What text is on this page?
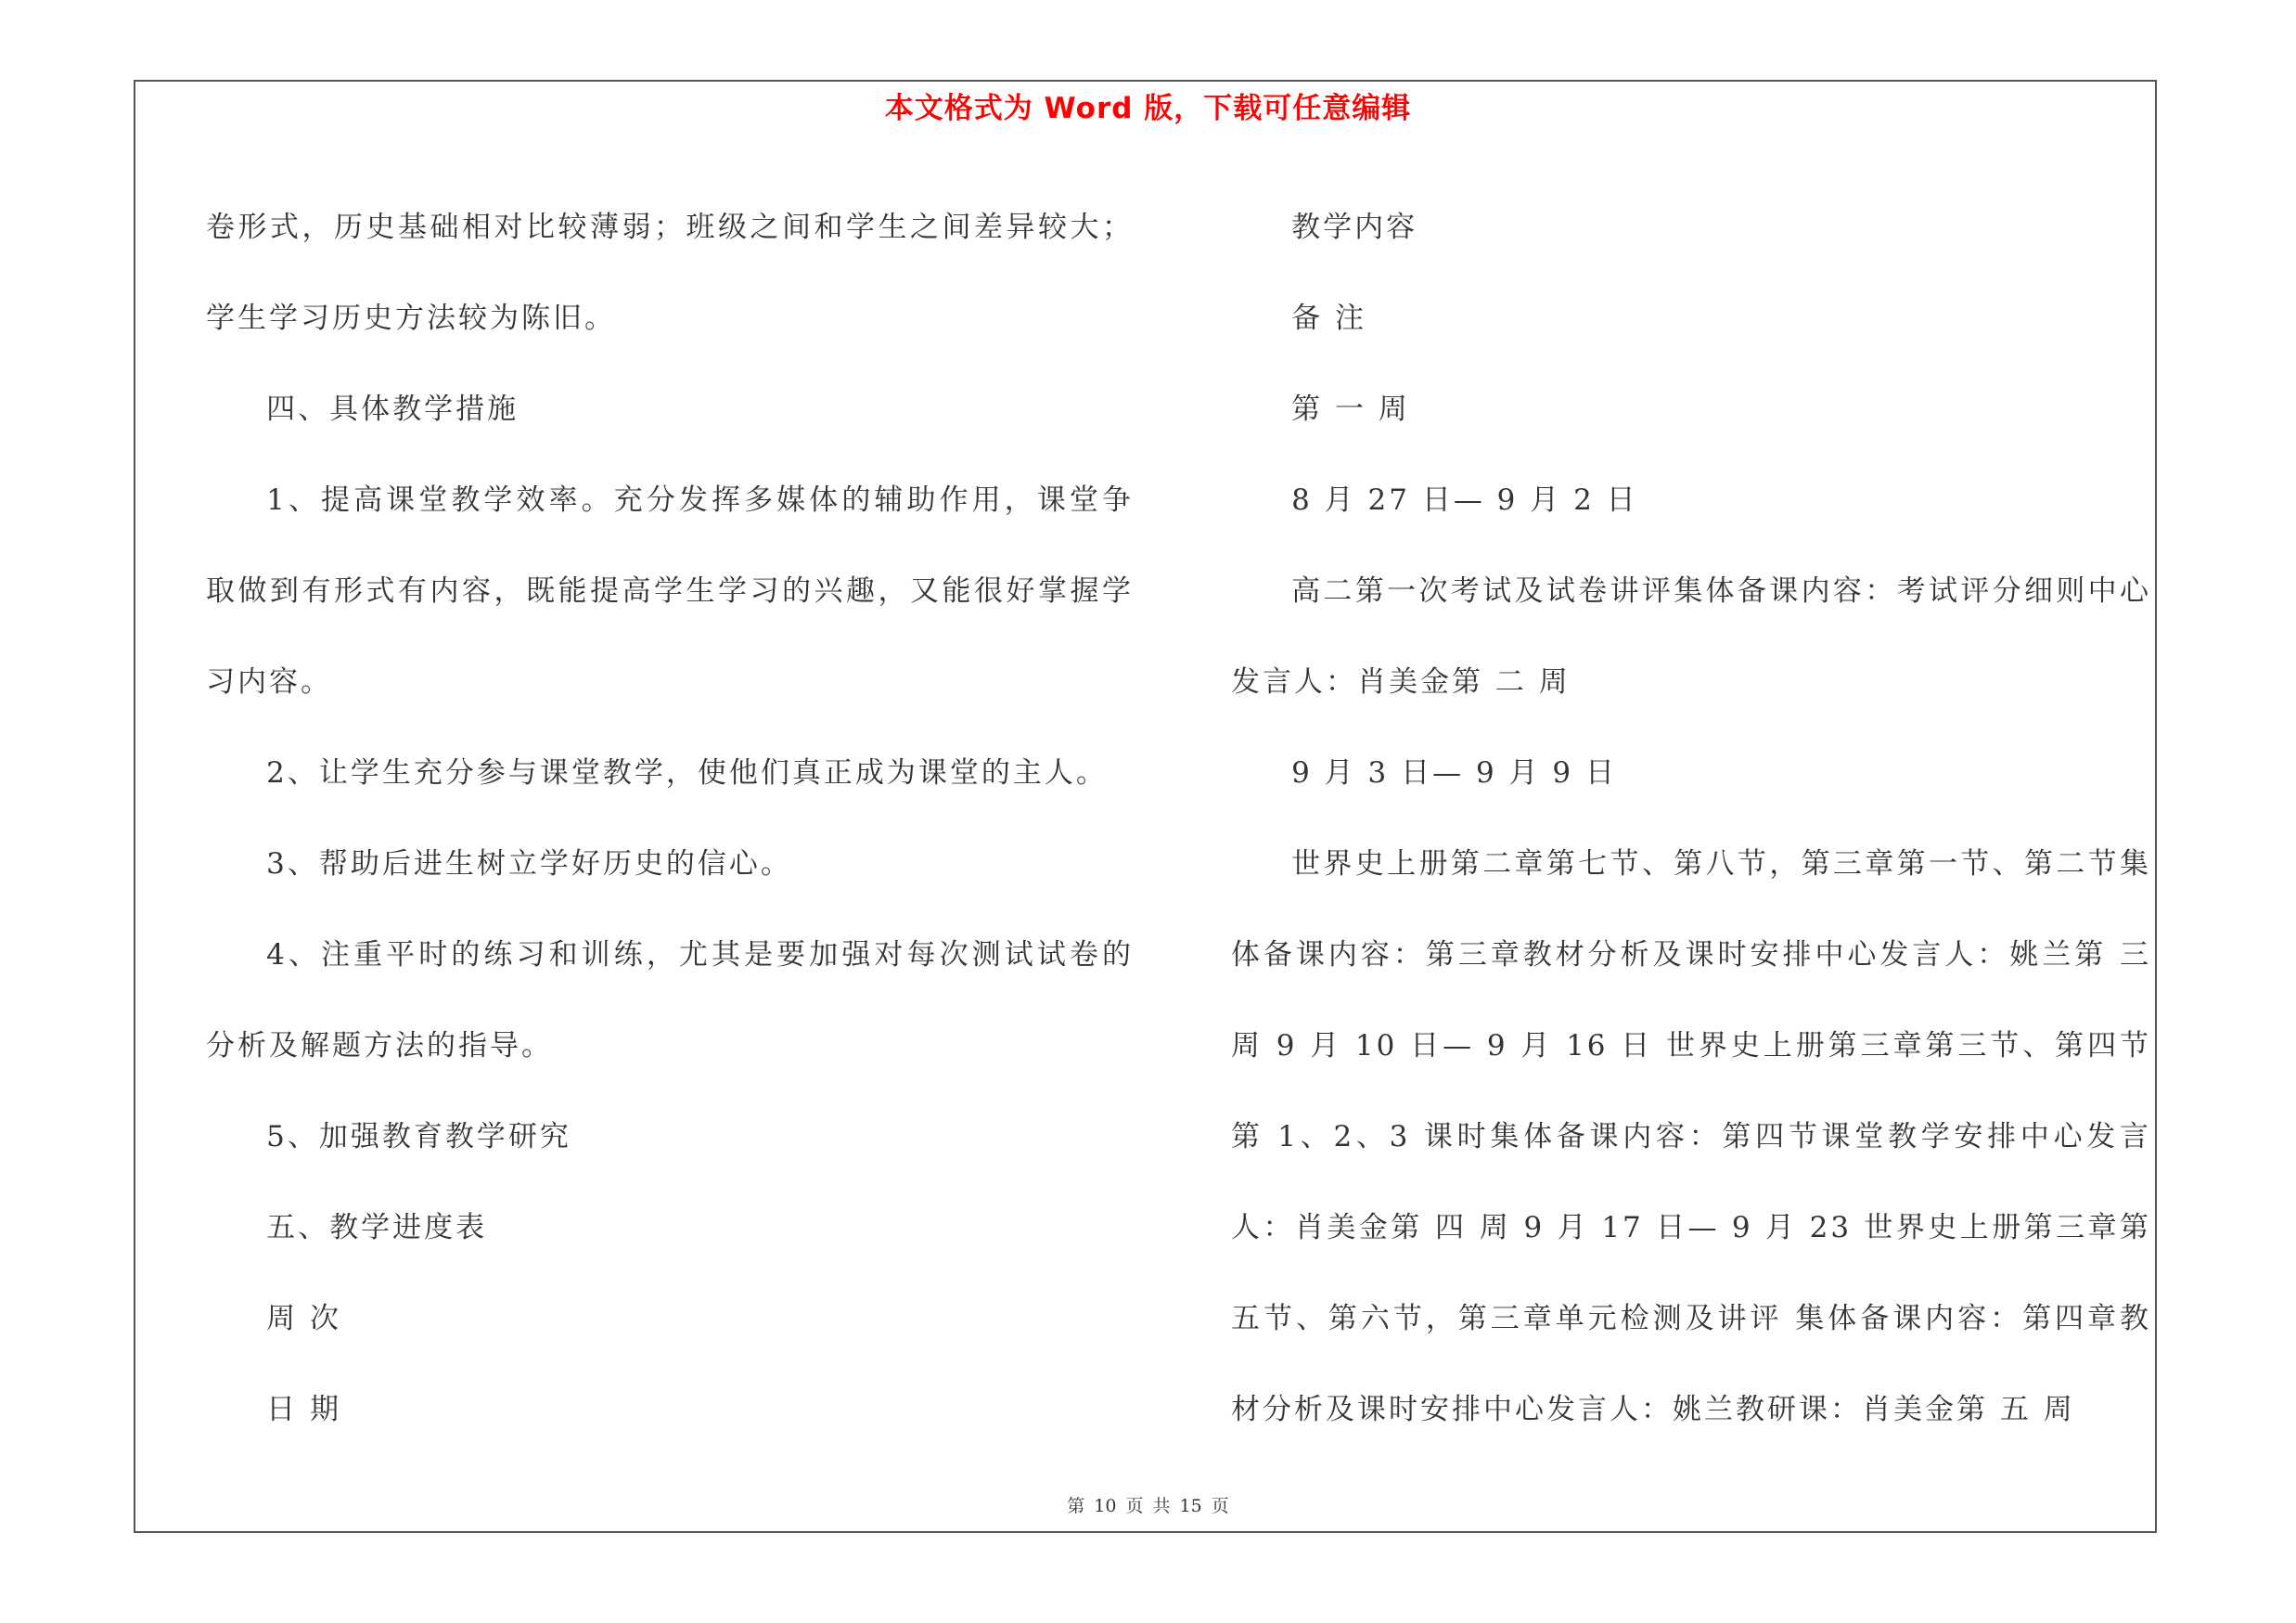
本文格式为 Word 版，下载可任意编辑

卷形式，历史基础相对比较薄弱；班级之间和学生之间差异较大；学生学习历史方法较为陈旧。

四、具体教学措施

1、提高课堂教学效率。充分发挥多媒体的辅助作用，课堂争取做到有形式有内容，既能提高学生学习的兴趣，又能很好掌握学习内容。

2、让学生充分参与课堂教学，使他们真正成为课堂的主人。

3、帮助后进生树立学好历史的信心。

4、注重平时的练习和训练，尤其是要加强对每次测试试卷的分析及解题方法的指导。

5、加强教育教学研究

五、教学进度表

周 次

日 期

教学内容

备 注

第 一 周

8 月 27 日— 9 月 2 日

高二第一次考试及试卷讲评集体备课内容：考试评分细则中心发言人：肖美金第 二 周

9 月 3 日— 9 月 9 日

世界史上册第二章第七节、第八节，第三章第一节、第二节集体备课内容：第三章教材分析及课时安排中心发言人：姚兰第 三 周 9 月 10 日— 9 月 16 日 世界史上册第三章第三节、第四节第 1、2、3 课时集体备课内容：第四节课堂教学安排中心发言人：肖美金第 四 周 9 月 17 日— 9 月 23 世界史上册第三章第五节、第六节，第三章单元检测及讲评 集体备课内容：第四章教材分析及课时安排中心发言人：姚兰教研课：肖美金第 五 周

第 10 页 共 15 页
